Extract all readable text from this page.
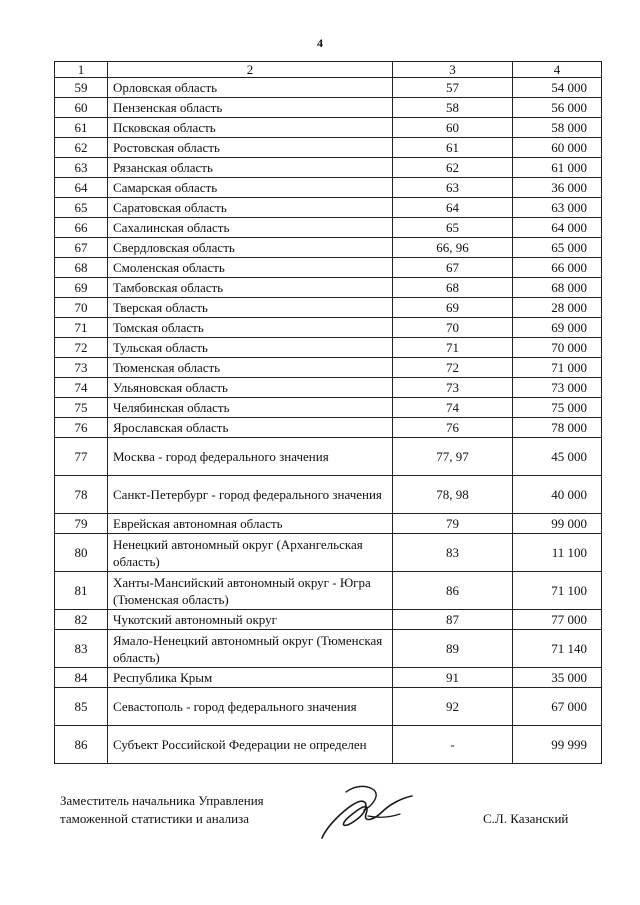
4
1	2	3	4
59	Орловская область	57	54 000
60	Пензенская область	58	56 000
61	Псковская область	60	58 000
62	Ростовская область	61	60 000
63	Рязанская область	62	61 000
64	Самарская область	63	36 000
65	Саратовская область	64	63 000
66	Сахалинская область	65	64 000
67	Свердловская область	66, 96	65 000
68	Смоленская область	67	66 000
69	Тамбовская область	68	68 000
70	Тверская область	69	28 000
71	Томская область	70	69 000
72	Тульская область	71	70 000
73	Тюменская область	72	71 000
74	Ульяновская область	73	73 000
75	Челябинская область	74	75 000
76	Ярославская область	76	78 000
77	Москва - город федерального значения	77, 97	45 000
78	Санкт-Петербург - город федерального значения	78, 98	40 000
79	Еврейская автономная область	79	99 000
80	Ненецкий автономный округ (Архангельская область)	83	11 100
81	Ханты-Мансийский автономный округ - Югра (Тюменская область)	86	71 100
82	Чукотский автономный округ	87	77 000
83	Ямало-Ненецкий автономный округ (Тюменская область)	89	71 140
84	Республика Крым	91	35 000
85	Севастополь - город федерального значения	92	67 000
86	Субъект Российской Федерации не определен	-	99 999
Заместитель начальника Управления
таможенной статистики и анализа	С.Л. Казанский
